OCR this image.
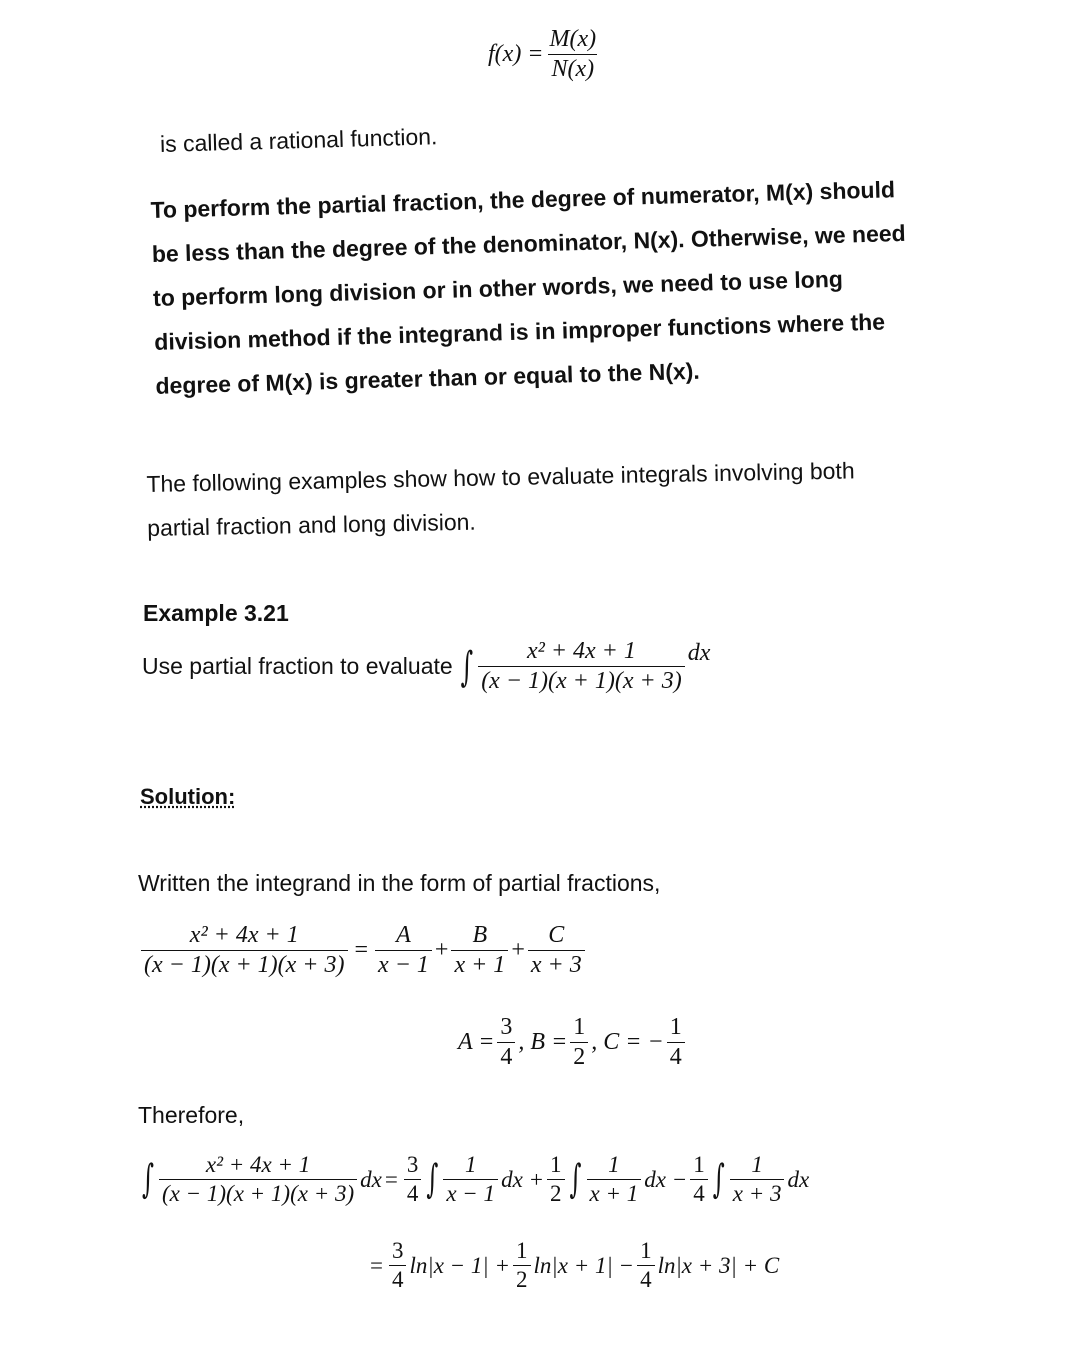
$f(x) = \frac{M(x)}{N(x)}$
is called a rational function.
To perform the partial fraction, the degree of numerator, M(x) should
be less than the degree of the denominator, N(x). Otherwise, we need
to perform long division or in other words, we need to use long
division method if the integrand is in improper functions where the
degree of M(x) is greater than or equal to the N(x).
The following examples show how to evaluate integrals involving both
partial fraction and long division.
Example 3.21
Use partial fraction to evaluate ∫ $\frac{\text{x² + 4x + 1}}{(x - 1)(x + 1)(x + 3)}$ dx
Solution:
Written the integrand in the form of partial fractions,
$\frac{\text{x² + 4x + 1}}{(x - 1)(x + 1)(x + 3)} = \frac{A}{x - 1} + \frac{B}{x + 1} + \frac{C}{x + 3}$
$A = \frac{3}{4}$ , $B = \frac{1}{2}$ , C = − $\frac{1}{4}$
Therefore,
∫ $\frac{\text{x² + 4x + 1}}{(x - 1)(x + 1)(x + 3)}$ dx = $\frac{3}{4}$ ∫ $\frac{1}{x - 1}$ dx + $\frac{1}{2}$ ∫ $\frac{1}{x + 1}$ dx − $\frac{1}{4}$ ∫ $\frac{1}{x + 3}$ dx
= $\frac{3}{4} \ln|x - 1| + \frac{1}{2} \ln|x + 1| - \frac{1}{4} \ln|x + 3| + C$
